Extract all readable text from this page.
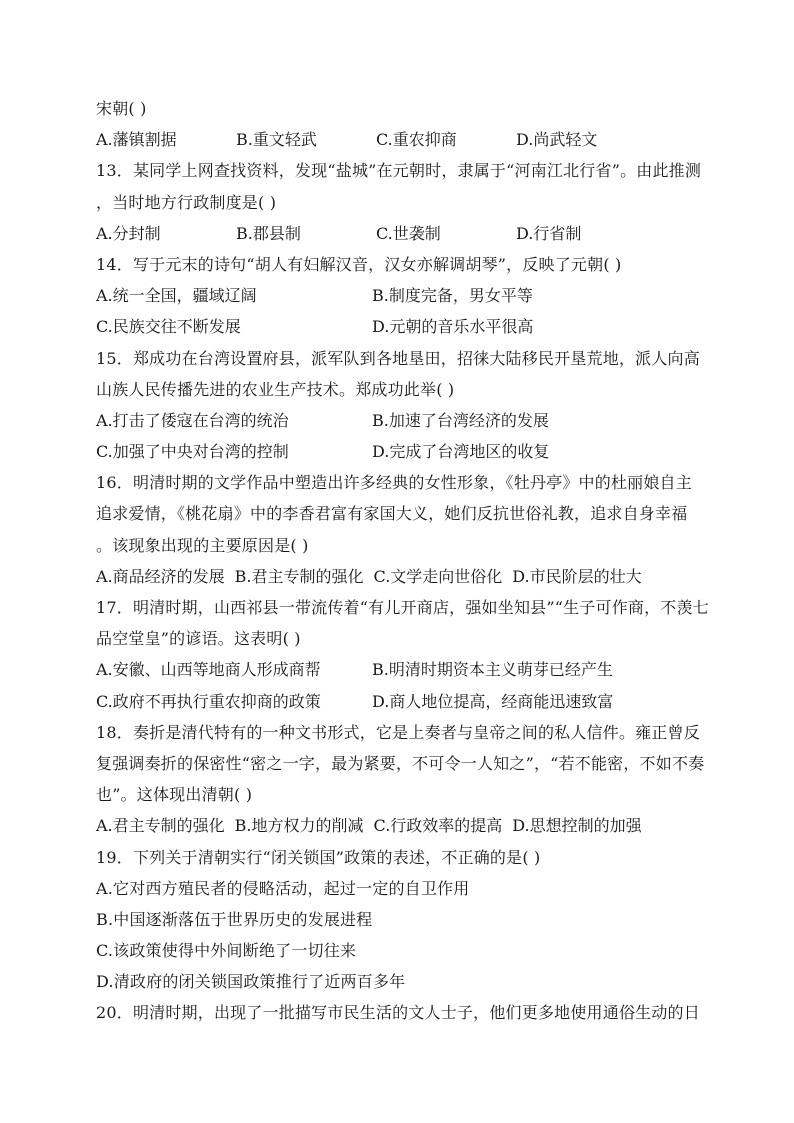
宋朝( )
A.藩镇割据	B.重文轻武	C.重农抑商	D.尚武轻文
13．某同学上网查找资料，发现“盐城”在元朝时，隶属于“河南江北行省”。由此推测
，当时地方行政制度是( )
A.分封制	B.郡县制	C.世袭制	D.行省制
14．写于元末的诗句“胡人有妇解汉音，汉女亦解调胡琴”，反映了元朝( )
A.统一全国，疆域辽阔	B.制度完备，男女平等
C.民族交往不断发展	D.元朝的音乐水平很高
15．郑成功在台湾设置府县，派军队到各地垦田，招徕大陆移民开垦荒地，派人向高
山族人民传播先进的农业生产技术。郑成功此举( )
A.打击了倭寇在台湾的统治	B.加速了台湾经济的发展
C.加强了中央对台湾的控制	D.完成了台湾地区的收复
16．明清时期的文学作品中塑造出许多经典的女性形象，《牡丹亭》中的杜丽娘自主
追求爱情，《桃花扇》中的李香君富有家国大义，她们反抗世俗礼教，追求自身幸福
。该现象出现的主要原因是( )
A.商品经济的发展 B.君主专制的强化 C.文学走向世俗化 D.市民阶层的壮大
17．明清时期，山西祁县一带流传着“有儿开商店，强如坐知县”“生子可作商，不羡七
品空堂皇”的谚语。这表明( )
A.安徽、山西等地商人形成商帮	B.明清时期资本主义萌芽已经产生
C.政府不再执行重农抑商的政策	D.商人地位提高，经商能迅速致富
18．奏折是清代特有的一种文书形式，它是上奏者与皇帝之间的私人信件。雍正曾反
复强调奏折的保密性“密之一字，最为紧要，不可令一人知之”，“若不能密，不如不奏
也”。这体现出清朝( )
A.君主专制的强化 B.地方权力的削减 C.行政效率的提高 D.思想控制的加强
19．下列关于清朝实行“闭关锁国”政策的表述，不正确的是( )
A.它对西方殖民者的侵略活动，起过一定的自卫作用
B.中国逐渐落伍于世界历史的发展进程
C.该政策使得中外间断绝了一切往来
D.清政府的闭关锁国政策推行了近两百多年
20．明清时期，出现了一批描写市民生活的文人士子，他们更多地使用通俗生动的日
